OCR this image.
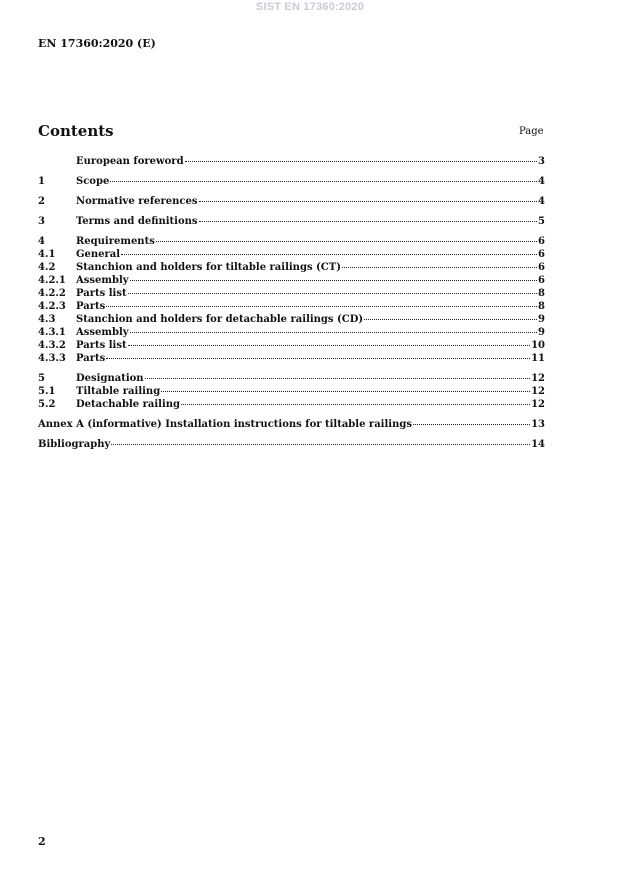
SIST EN 17360:2020
EN 17360:2020 (E)
Contents	Page
European foreword	3
1	Scope	4
2	Normative references	4
3	Terms and definitions	5
4	Requirements	6
4.1	General	6
4.2	Stanchion and holders for tiltable railings (CT)	6
4.2.1	Assembly	6
4.2.2	Parts list	8
4.2.3	Parts	8
4.3	Stanchion and holders for detachable railings (CD)	9
4.3.1	Assembly	9
4.3.2	Parts list	10
4.3.3	Parts	11
5	Designation	12
5.1	Tiltable railing	12
5.2	Detachable railing	12
Annex A (informative) Installation instructions for tiltable railings	13
Bibliography	14
2
